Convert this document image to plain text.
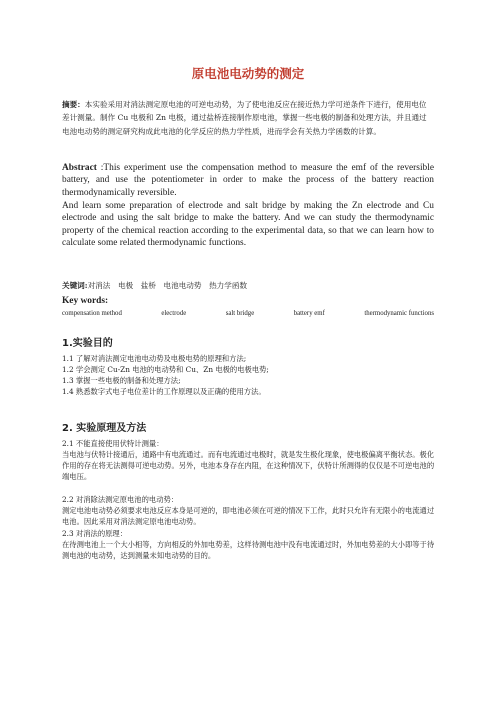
原电池电动势的测定
摘要：本实验采用对消法测定原电池的可逆电动势，为了使电池反应在接近热力学可逆条件下进行，使用电位差计测量。制作 Cu 电极和 Zn 电极，通过盐桥连接制作原电池，掌握一些电极的制备和处理方法，并且通过电池电动势的测定研究构成此电池的化学反应的热力学性质，进而学会有关热力学函数的计算。
Abstract :This experiment use the compensation method to measure the emf of the reversible battery, and use the potentiometer in order to make the process of the battery reaction thermodynamically reversible.
And learn some preparation of electrode and salt bridge by making the Zn electrode and Cu electrode and using the salt bridge to make the battery. And we can study the thermodynamic property of the chemical reaction according to the experimental data, so that we can learn how to calculate some related thermodynamic functions.
关键词:对消法　电极　盐桥　电池电动势　热力学函数
Key words:
compensation method	electrode	salt bridge	battery emf	thermodynamic functions
1.实验目的
1.1 了解对消法测定电池电动势及电极电势的原理和方法;
1.2 学会测定 Cu-Zn 电池的电动势和 Cu、Zn 电极的电极电势;
1.3 掌握一些电极的制备和处理方法;
1.4 熟悉数字式电子电位差计的工作原理以及正确的使用方法。
2. 实验原理及方法
2.1 不能直接使用伏特计测量：
当电池与伏特计接通后，通路中有电流通过。而有电流通过电极时，就是发生极化现象，使电极偏离平衡状态。极化作用的存在将无法测得可逆电动势。另外，电池本身存在内阻，在这种情况下，伏特计所测得的仅仅是不可逆电池的端电压。
2.2 对消除法测定原电池的电动势：
测定电池电动势必须要求电池反应本身是可逆的，即电池必须在可逆的情况下工作，此时只允许有无限小的电流通过电池。因此采用对消法测定原电池电动势。
2.3 对消法的原理：
在待测电池上一个大小相等，方向相反的外加电势差，这样待测电池中没有电流通过时，外加电势差的大小即等于待测电池的电动势，达到测量未知电动势的目的。
